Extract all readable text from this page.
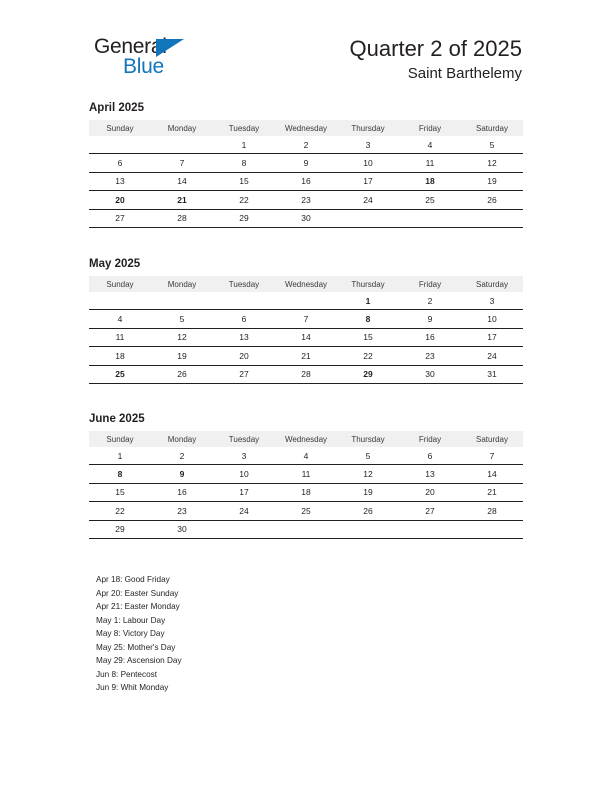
General
Blue
Quarter 2 of 2025
Saint Barthelemy
April 2025
Sunday	Monday	Tuesday	Wednesday	Thursday	Friday	Saturday
		1	2	3	4	5
6	7	8	9	10	11	12
13	14	15	16	17	18	19
20	21	22	23	24	25	26
27	28	29	30			
May 2025
Sunday	Monday	Tuesday	Wednesday	Thursday	Friday	Saturday
				1	2	3
4	5	6	7	8	9	10
11	12	13	14	15	16	17
18	19	20	21	22	23	24
25	26	27	28	29	30	31
June 2025
Sunday	Monday	Tuesday	Wednesday	Thursday	Friday	Saturday
1	2	3	4	5	6	7
8	9	10	11	12	13	14
15	16	17	18	19	20	21
22	23	24	25	26	27	28
29	30					
Apr 18: Good Friday
Apr 20: Easter Sunday
Apr 21: Easter Monday
May 1: Labour Day
May 8: Victory Day
May 25: Mother's Day
May 29: Ascension Day
Jun 8: Pentecost
Jun 9: Whit Monday
